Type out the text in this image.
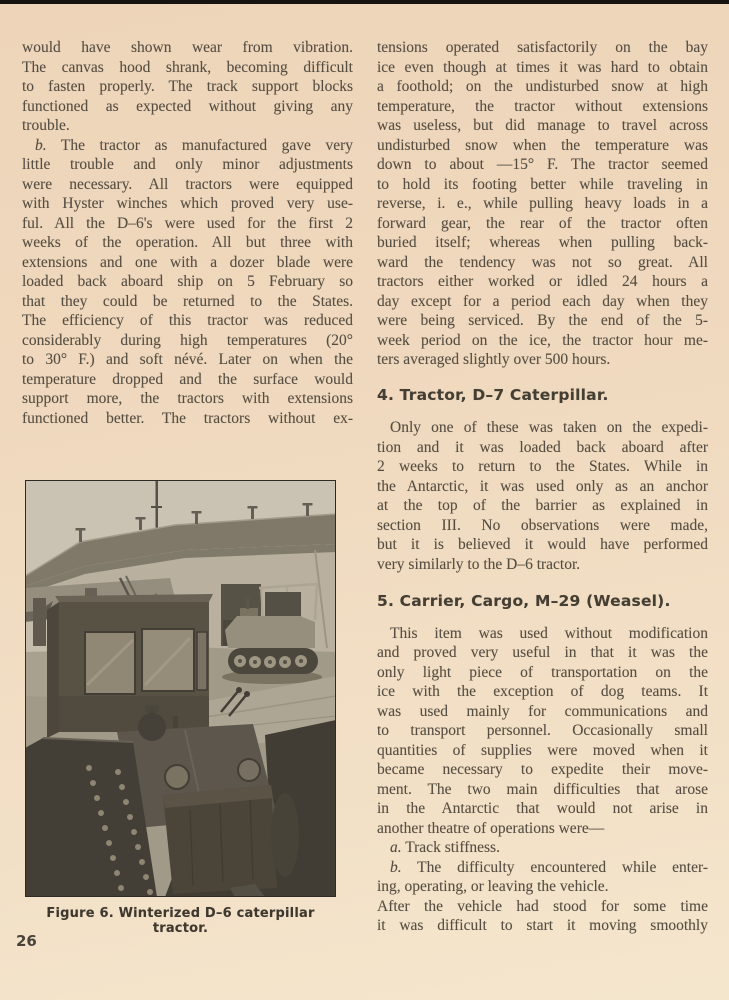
would have shown wear from vibration.
The canvas hood shrank, becoming difficult
to fasten properly. The track support blocks
functioned as expected without giving any
trouble.
b. The tractor as manufactured gave very
little trouble and only minor adjustments
were necessary. All tractors were equipped
with Hyster winches which proved very use-
ful. All the D–6's were used for the first 2
weeks of the operation. All but three with
extensions and one with a dozer blade were
loaded back aboard ship on 5 February so
that they could be returned to the States.
The efficiency of this tractor was reduced
considerably during high temperatures (20°
to 30° F.) and soft névé. Later on when the
temperature dropped and the surface would
support more, the tractors with extensions
functioned better. The tractors without ex-
tensions operated satisfactorily on the bay
ice even though at times it was hard to obtain
a foothold; on the undisturbed snow at high
temperature, the tractor without extensions
was useless, but did manage to travel across
undisturbed snow when the temperature was
down to about —15° F. The tractor seemed
to hold its footing better while traveling in
reverse, i. e., while pulling heavy loads in a
forward gear, the rear of the tractor often
buried itself; whereas when pulling back-
ward the tendency was not so great. All
tractors either worked or idled 24 hours a
day except for a period each day when they
were being serviced. By the end of the 5-
week period on the ice, the tractor hour me-
ters averaged slightly over 500 hours.
4. Tractor, D–7 Caterpillar.
Only one of these was taken on the expedi-
tion and it was loaded back aboard after
2 weeks to return to the States. While in
the Antarctic, it was used only as an anchor
at the top of the barrier as explained in
section III. No observations were made,
but it is believed it would have performed
very similarly to the D–6 tractor.
5. Carrier, Cargo, M–29 (Weasel).
This item was used without modification
and proved very useful in that it was the
only light piece of transportation on the
ice with the exception of dog teams. It
was used mainly for communications and
to transport personnel. Occasionally small
quantities of supplies were moved when it
became necessary to expedite their move-
ment. The two main difficulties that arose
in the Antarctic that would not arise in
another theatre of operations were—
a. Track stiffness.
b. The difficulty encountered while enter-
ing, operating, or leaving the vehicle.
After the vehicle had stood for some time
it was difficult to start it moving smoothly
Figure 6. Winterized D–6 caterpillar tractor.
26
